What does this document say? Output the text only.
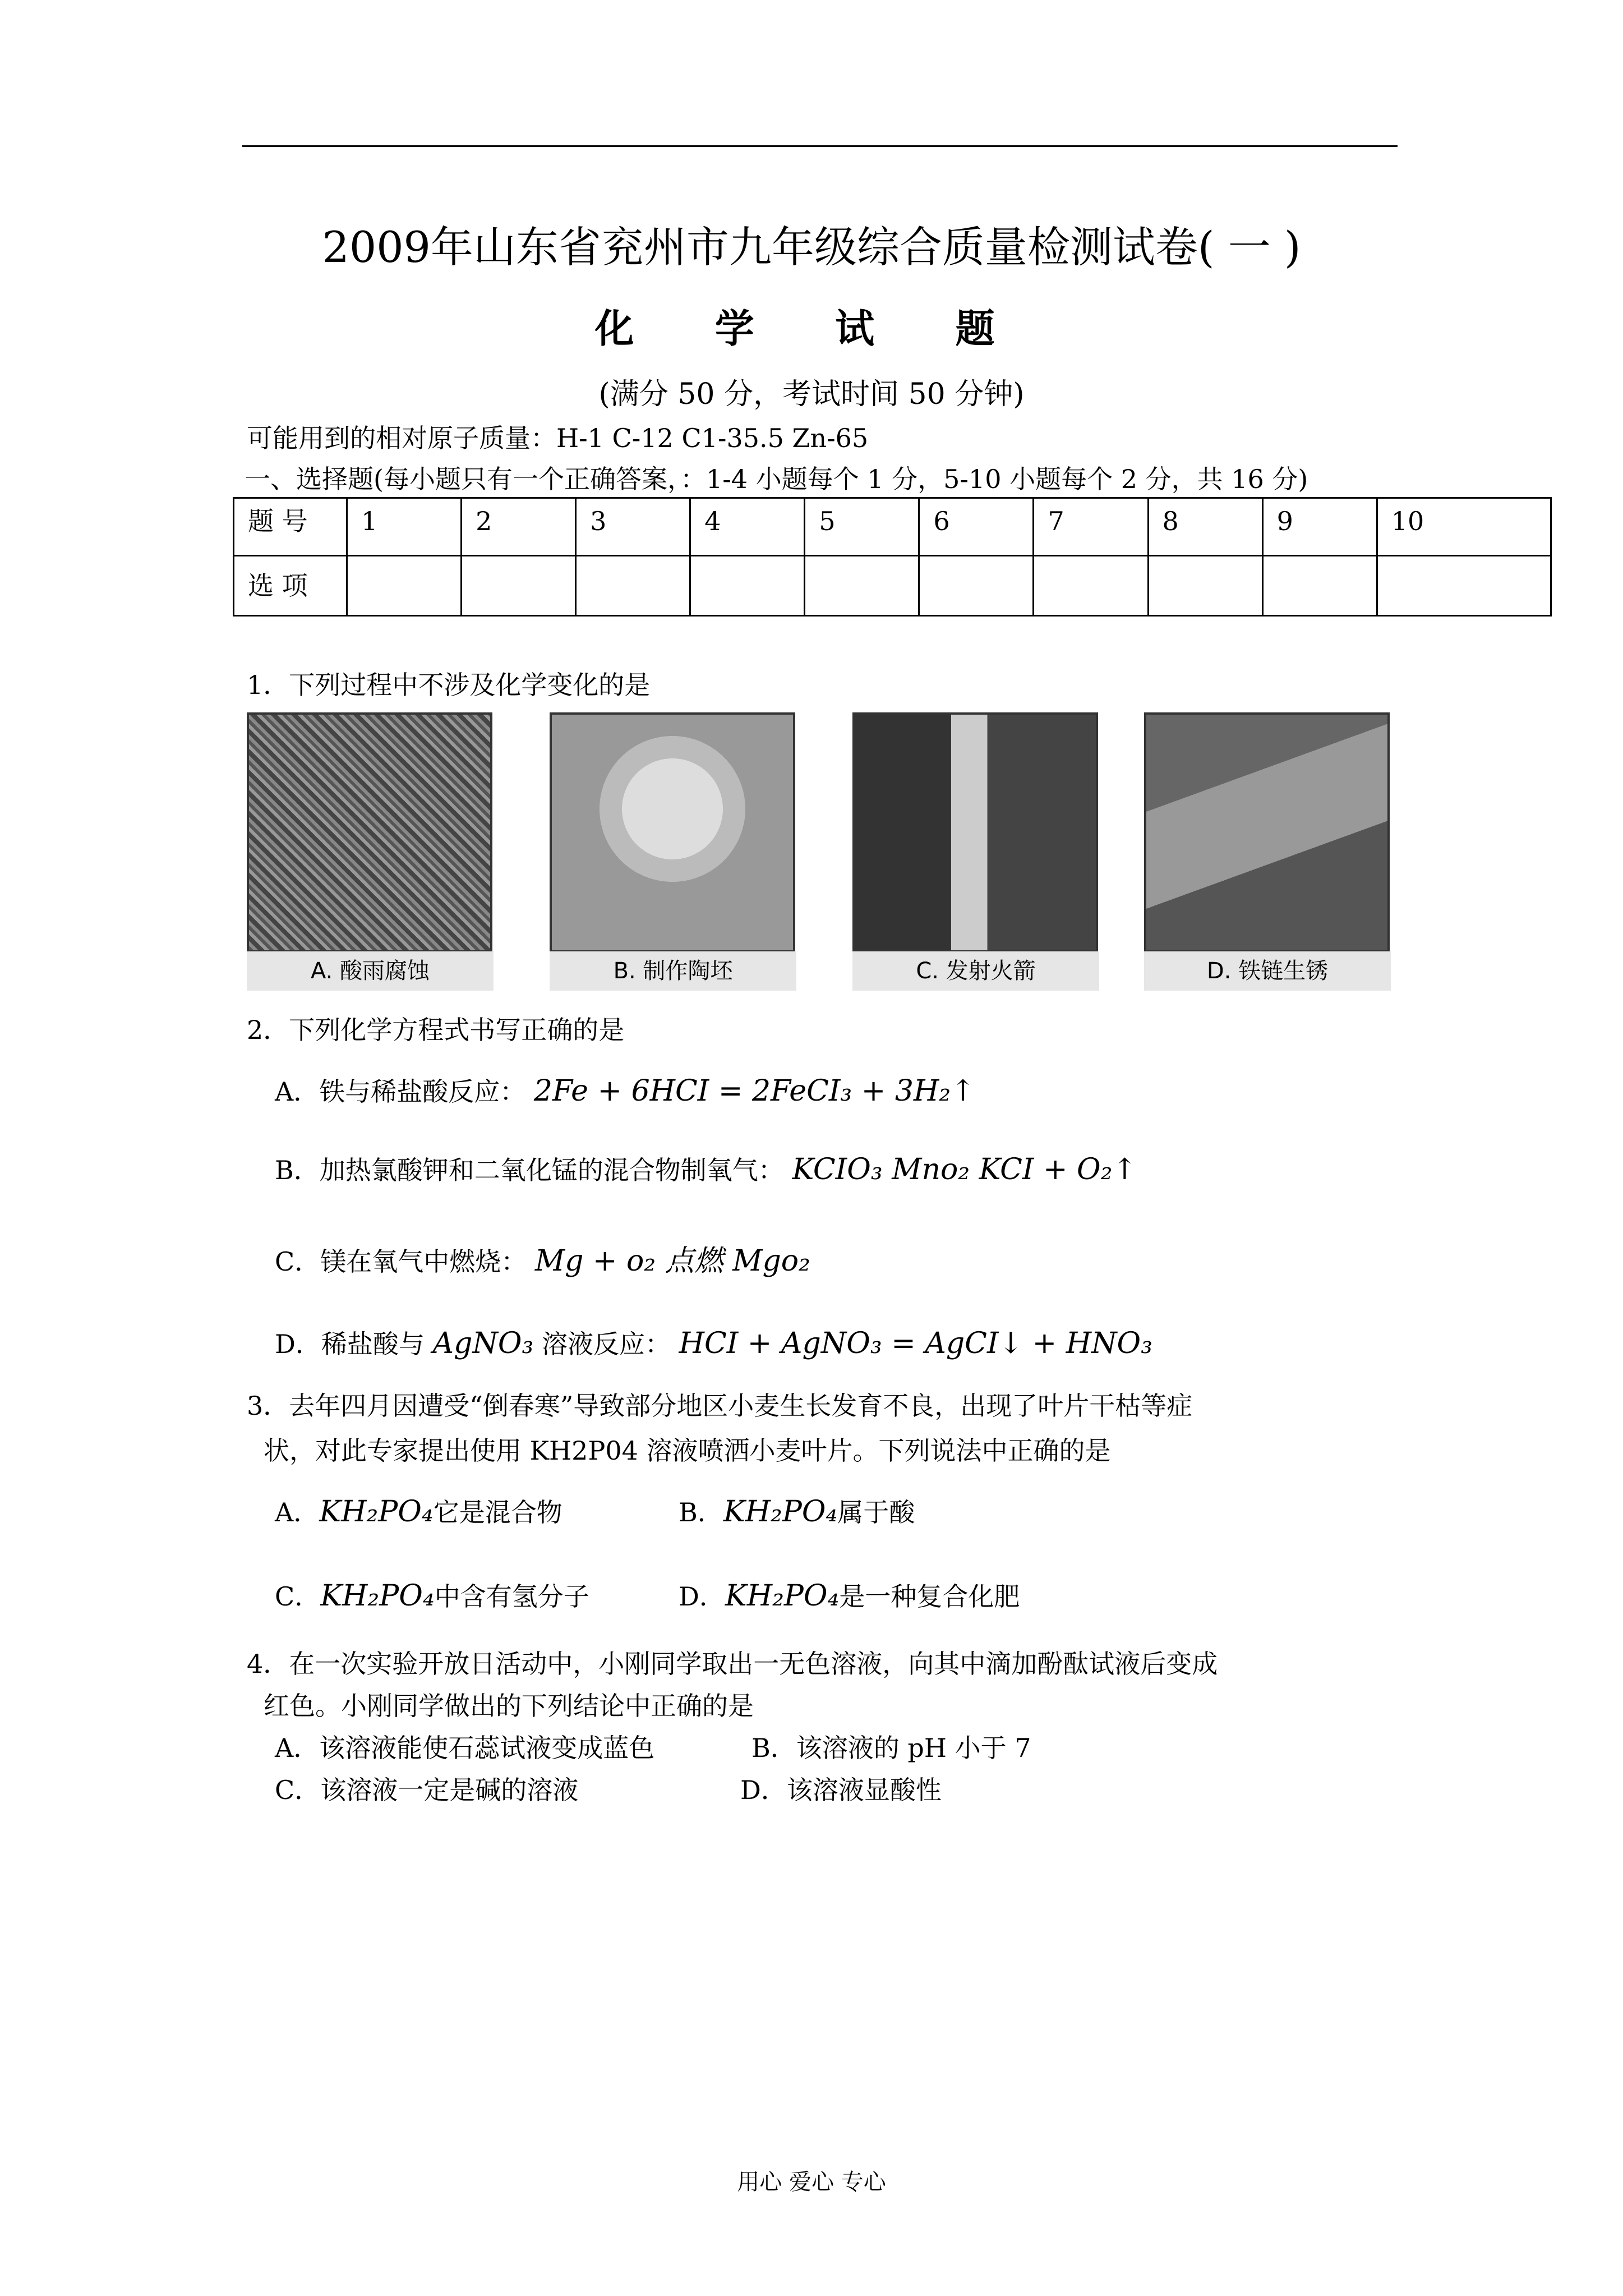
2009年山东省兖州市九年级综合质量检测试卷( 一 )
化 学 试 题
(满分 50 分，考试时间 50 分钟)
可能用到的相对原子质量：H-1 C-12 C1-35.5 Zn-65
一、选择题(每小题只有一个正确答案，：1-4 小题每个 1 分，5-10 小题每个 2 分，共 16 分)
题 号	1	2	3	4	5	6	7	8	9	10
选 项										
1．下列过程中不涉及化学变化的是
A. 酸雨腐蚀	B. 制作陶坯	C. 发射火箭	D. 铁链生锈
2．下列化学方程式书写正确的是
A．铁与稀盐酸反应： 2Fe + 6HCI = 2FeCI₃ + 3H₂↑
B．加热氯酸钾和二氧化锰的混合物制氧气： KCIO₃ Mno₂ KCI + O₂↑
C．镁在氧气中燃烧： Mg + o₂ 点燃 Mgo₂
D．稀盐酸与 AgNO₃ 溶液反应： HCI + AgNO₃ = AgCI↓ + HNO₃
3．去年四月因遭受“倒春寒”导致部分地区小麦生长发育不良，出现了叶片干枯等症
状，对此专家提出使用 KH2P04 溶液喷洒小麦叶片。下列说法中正确的是
A．KH₂PO₄它是混合物	B．KH₂PO₄属于酸
C．KH₂PO₄中含有氢分子	D．KH₂PO₄是一种复合化肥
4．在一次实验开放日活动中，小刚同学取出一无色溶液，向其中滴加酚酞试液后变成
红色。小刚同学做出的下列结论中正确的是
A．该溶液能使石蕊试液变成蓝色	B．该溶液的 pH 小于 7
C．该溶液一定是碱的溶液	D．该溶液显酸性
用心 爱心 专心
